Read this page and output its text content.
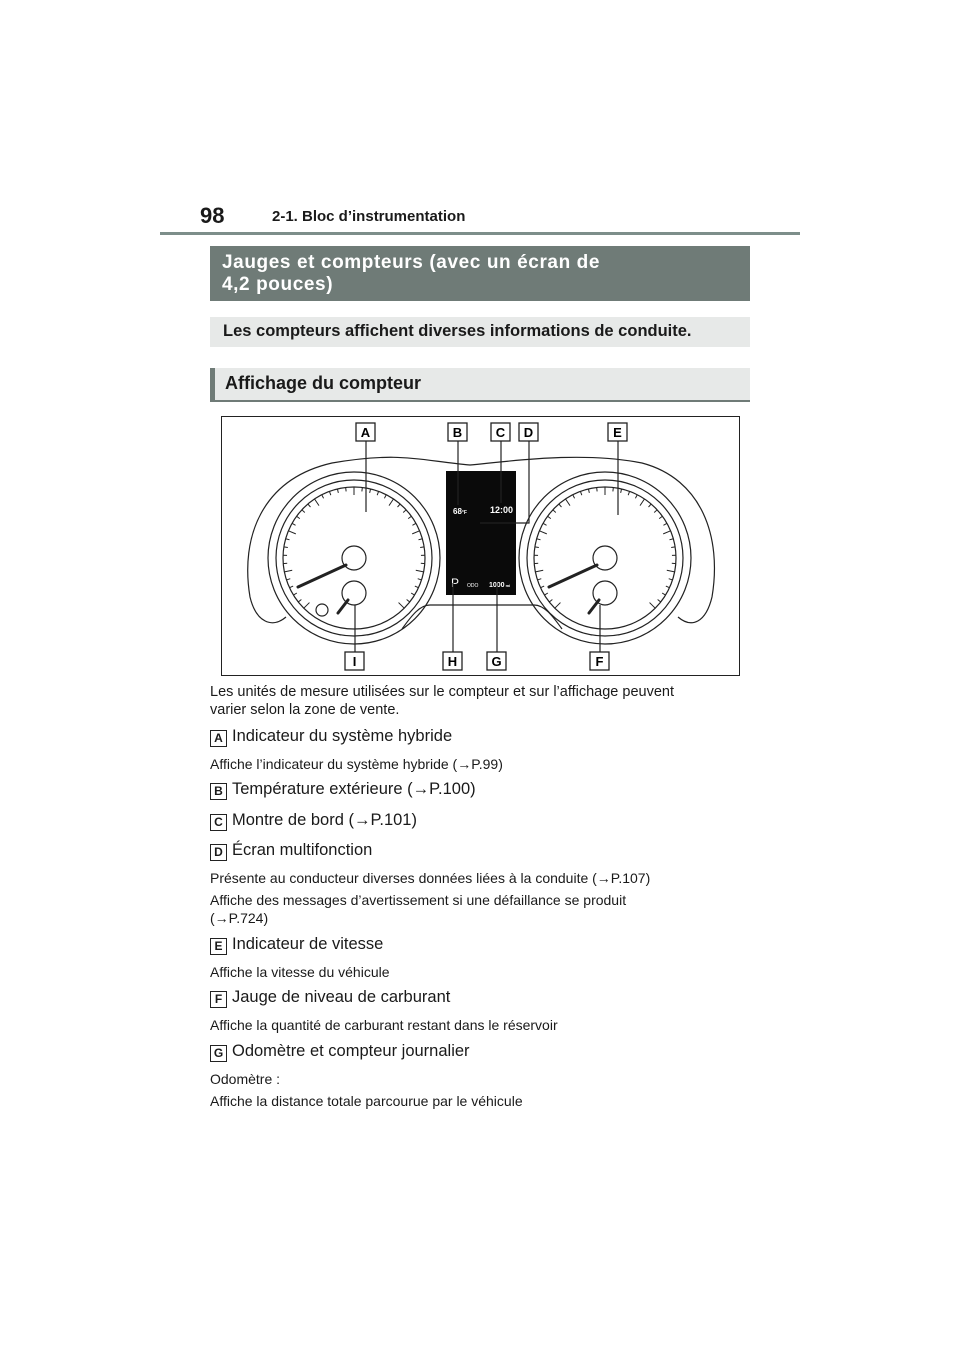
98	2-1. Bloc d’instrumentation
Jauges et compteurs (avec un écran de
4,2 pouces)
Les compteurs affichent diverses informations de conduite.
Affichage du compteur
68°F	12:00
P ODO 1000mi
A	B	C D	E
F
G
H
I
Les unités de mesure utilisées sur le compteur et sur l’affichage peuvent
varier selon la zone de vente.
A Indicateur du système hybride
Affiche l’indicateur du système hybride (→P.99)
B Température extérieure (→P.100)
C Montre de bord (→P.101)
D Écran multifonction
Présente au conducteur diverses données liées à la conduite (→P.107)
Affiche des messages d’avertissement si une défaillance se produit
(→P.724)
E Indicateur de vitesse
Affiche la vitesse du véhicule
F Jauge de niveau de carburant
Affiche la quantité de carburant restant dans le réservoir
G Odomètre et compteur journalier
Odomètre :
Affiche la distance totale parcourue par le véhicule
